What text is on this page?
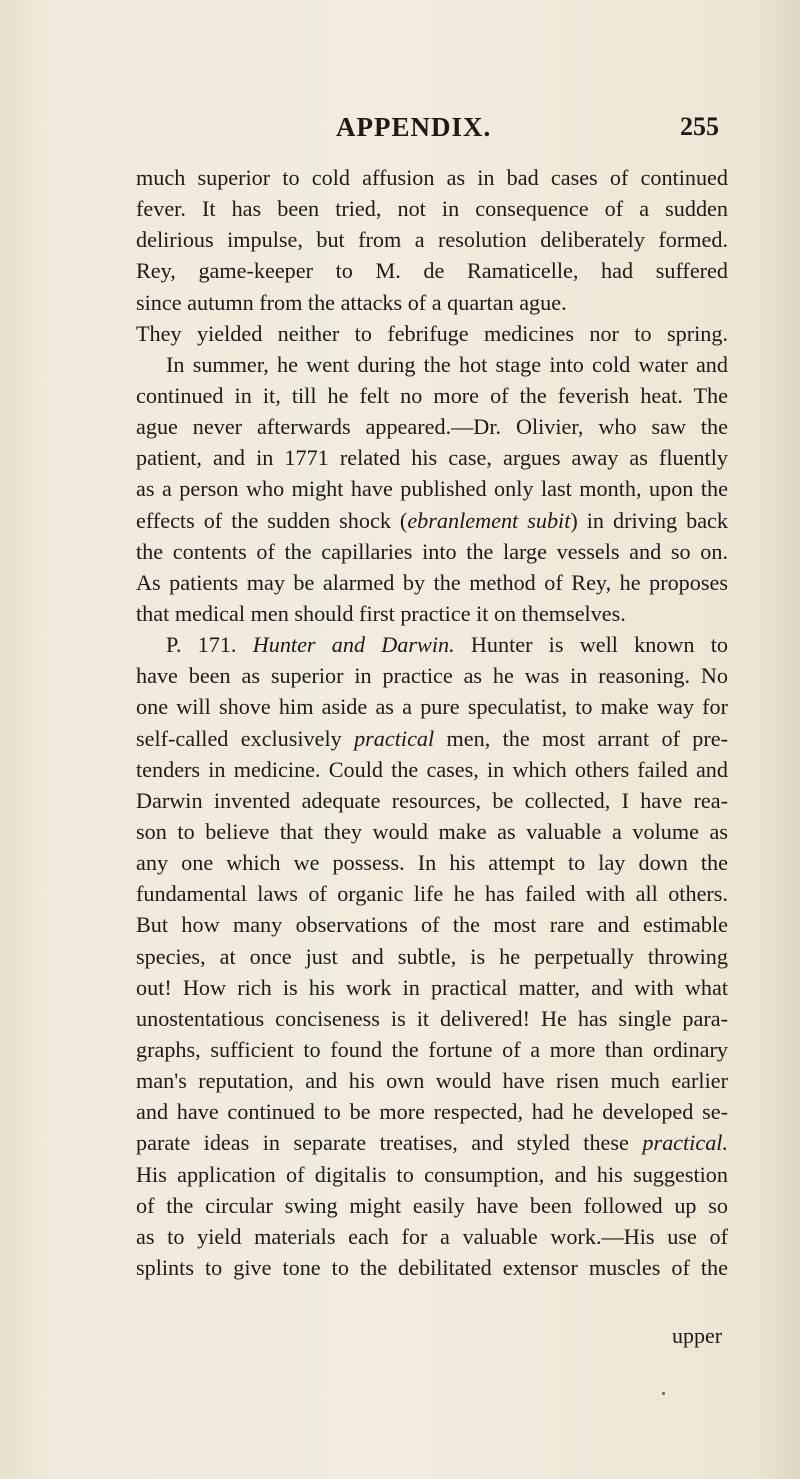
APPENDIX.	255
much superior to cold affusion as in bad cases of continued
fever. It has been tried, not in consequence of a sudden
delirious impulse, but from a resolution deliberately formed.
Rey, game-keeper to M. de Ramaticelle, had suffered
since autumn from the attacks of a quartan ague.
They yielded neither to febrifuge medicines nor to spring.
In summer, he went during the hot stage into cold water and
continued in it, till he felt no more of the feverish heat. The
ague never afterwards appeared.—Dr. Olivier, who saw the
patient, and in 1771 related his case, argues away as fluently
as a person who might have published only last month, upon the
effects of the sudden shock (ebranlement subit) in driving back
the contents of the capillaries into the large vessels and so on.
As patients may be alarmed by the method of Rey, he proposes
that medical men should first practice it on themselves.
P. 171. Hunter and Darwin. Hunter is well known to
have been as superior in practice as he was in reasoning. No
one will shove him aside as a pure speculatist, to make way for
self-called exclusively practical men, the most arrant of pre-
tenders in medicine. Could the cases, in which others failed and
Darwin invented adequate resources, be collected, I have rea-
son to believe that they would make as valuable a volume as
any one which we possess. In his attempt to lay down the
fundamental laws of organic life he has failed with all others.
But how many observations of the most rare and estimable
species, at once just and subtle, is he perpetually throwing
out! How rich is his work in practical matter, and with what
unostentatious conciseness is it delivered! He has single para-
graphs, sufficient to found the fortune of a more than ordinary
man's reputation, and his own would have risen much earlier
and have continued to be more respected, had he developed se-
parate ideas in separate treatises, and styled these practical.
His application of digitalis to consumption, and his suggestion
of the circular swing might easily have been followed up so
as to yield materials each for a valuable work.—His use of
splints to give tone to the debilitated extensor muscles of the
upper
